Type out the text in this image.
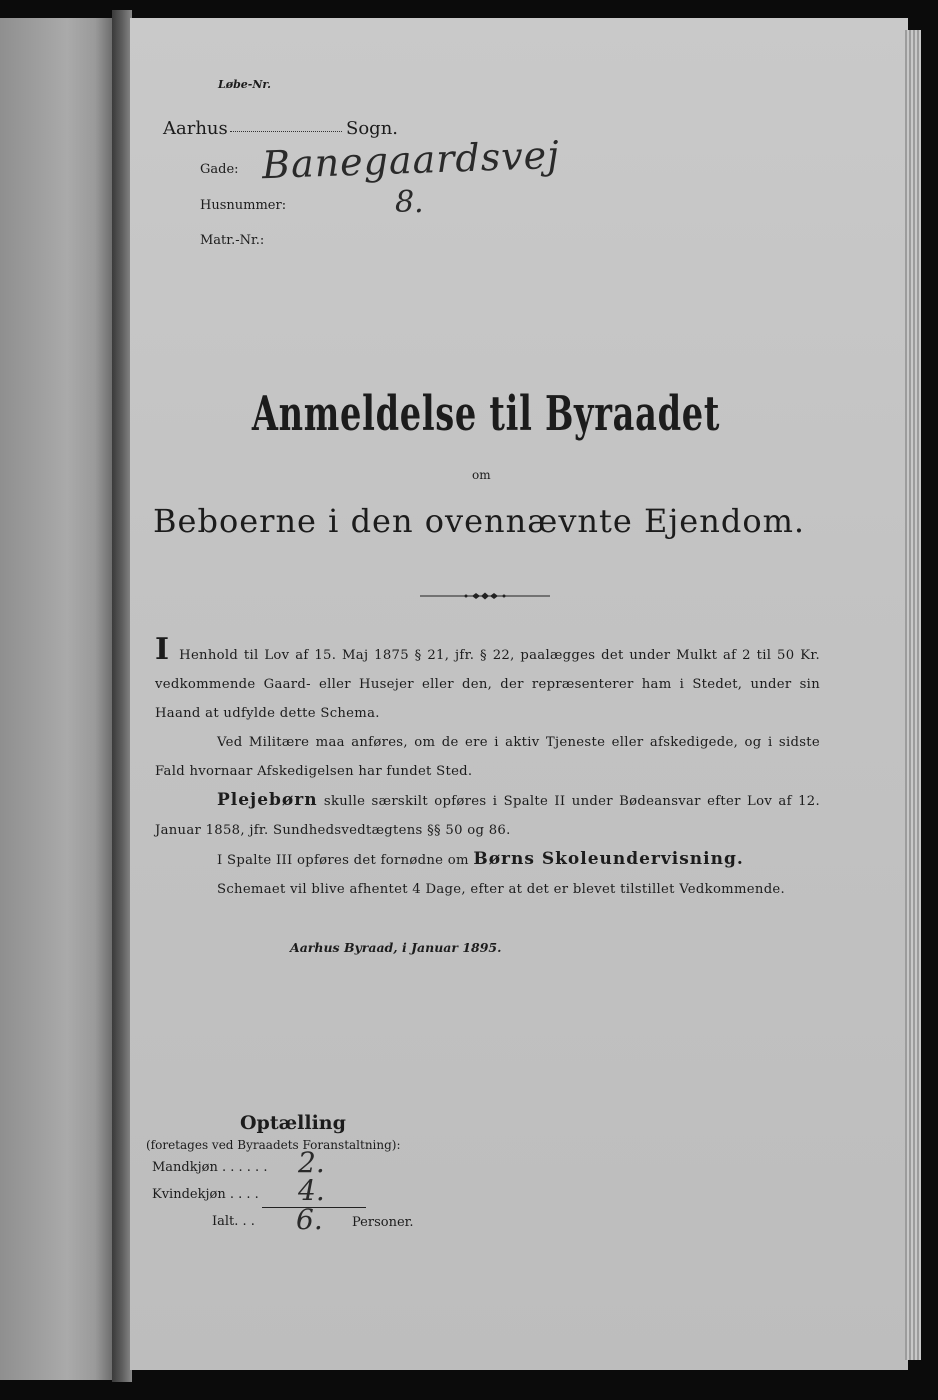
Løbe-Nr.
Aarhus	Sogn.
Gade: Banegaardsvej
Husnummer:	8.
Matr.-Nr.:
Anmeldelse til Byraadet
om
Beboerne i den ovennævnte Ejendom.

I Henhold til Lov af 15. Maj 1875 § 21, jfr. § 22, paalægges det under Mulkt af 2 til 50 Kr. vedkommende Gaard- eller Husejer eller den, der repræsenterer ham i Stedet, under sin Haand at udfylde dette Schema.

Ved Militære maa anføres, om de ere i aktiv Tjeneste eller afskedigede, og i sidste Fald hvornaar Afskedigelsen har fundet Sted.

Plejebørn skulle særskilt opføres i Spalte II under Bødeansvar efter Lov af 12. Januar 1858, jfr. Sundhedsvedtægtens §§ 50 og 86.

I Spalte III opføres det fornødne om Børns Skoleundervisning.

Schemaet vil blive afhentet 4 Dage, efter at det er blevet tilstillet Vedkommende.

Aarhus Byraad, i Januar 1895.
Optælling
(foretages ved Byraadets Foranstaltning):
Mandkjøn . . . . . . 2.
Kvindekjøn . . . . 4.
Ialt. . . 6. Personer.
